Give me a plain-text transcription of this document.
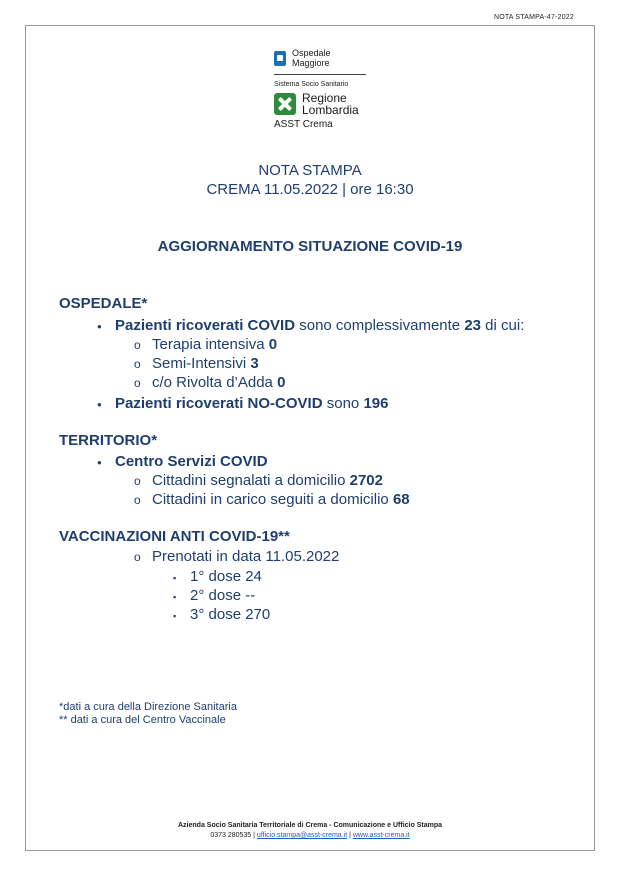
NOTA STAMPA-47-2022
Ospedale
Maggiore
Sistema Socio Sanitario
Regione
Lombardia
ASST Crema
NOTA STAMPA
CREMA 11.05.2022 | ore 16:30
AGGIORNAMENTO SITUAZIONE COVID-19
OSPEDALE*
● Pazienti ricoverati COVID sono complessivamente 23 di cui:
o Terapia intensiva 0
o Semi-Intensivi 3
o c/o Rivolta d’Adda 0
● Pazienti ricoverati NO-COVID sono 196
TERRITORIO*
● Centro Servizi COVID
o Cittadini segnalati a domicilio 2702
o Cittadini in carico seguiti a domicilio 68
VACCINAZIONI ANTI COVID-19**
o Prenotati in data 11.05.2022
▪ 1° dose 24
▪ 2° dose --
▪ 3° dose 270
*dati a cura della Direzione Sanitaria
** dati a cura del Centro Vaccinale
Azienda Socio Sanitaria Territoriale di Crema - Comunicazione e Ufficio Stampa
0373 280535 | ufficio.stampa@asst-crema.it | www.asst-crema.it
